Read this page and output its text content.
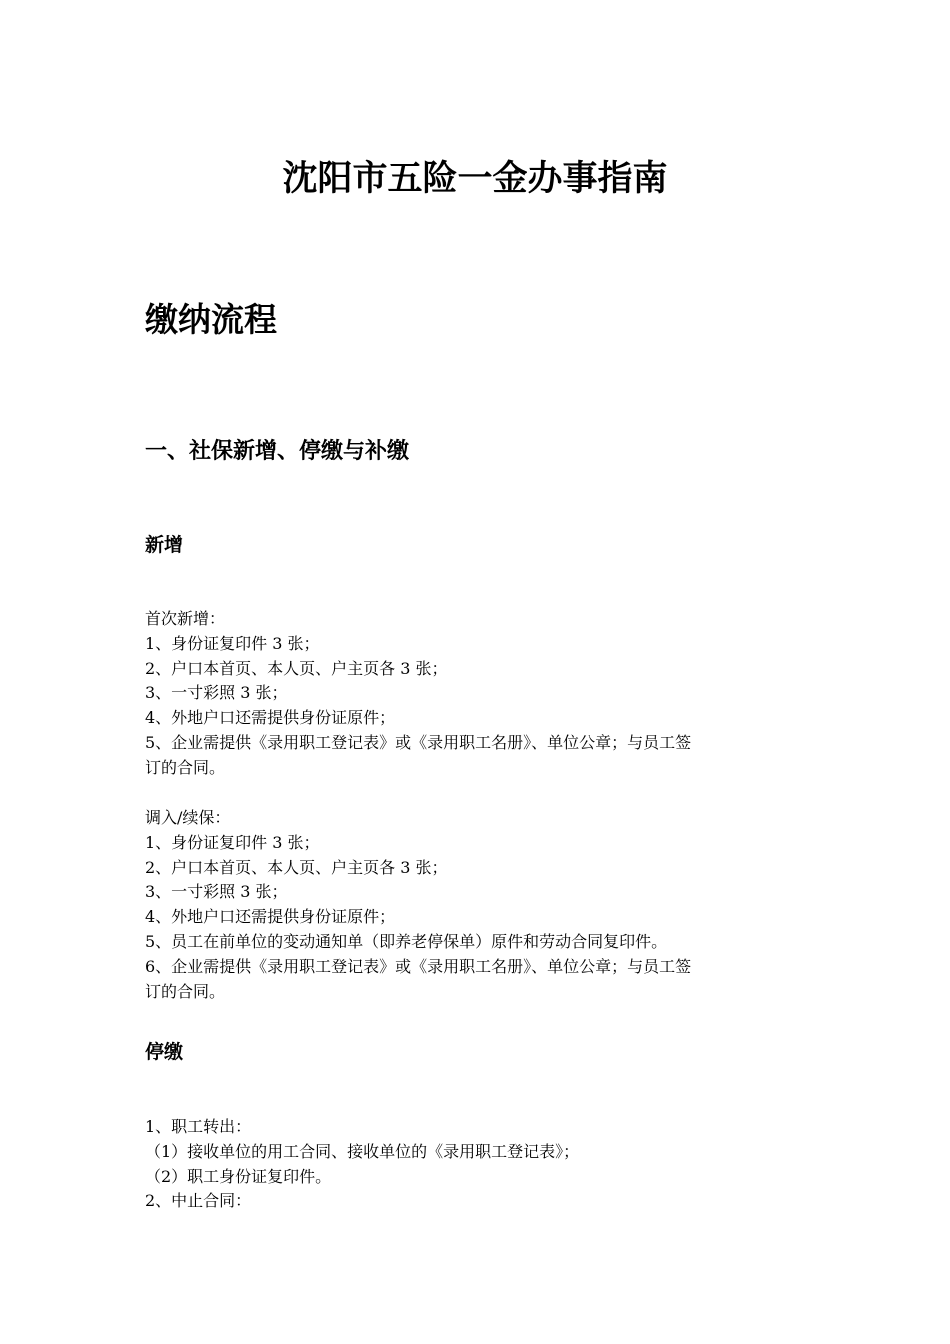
沈阳市五险一金办事指南
缴纳流程
一、社保新增、停缴与补缴
新增
首次新增：
1、身份证复印件 3 张；
2、户口本首页、本人页、户主页各 3 张；
3、一寸彩照 3 张；
4、外地户口还需提供身份证原件；
5、企业需提供《录用职工登记表》或《录用职工名册》、单位公章；与员工签
订的合同。
调入/续保：
1、身份证复印件 3 张；
2、户口本首页、本人页、户主页各 3 张；
3、一寸彩照 3 张；
4、外地户口还需提供身份证原件；
5、员工在前单位的变动通知单（即养老停保单）原件和劳动合同复印件。
6、企业需提供《录用职工登记表》或《录用职工名册》、单位公章；与员工签
订的合同。
停缴
1、职工转出：
（1）接收单位的用工合同、接收单位的《录用职工登记表》；
（2）职工身份证复印件。
2、中止合同：
